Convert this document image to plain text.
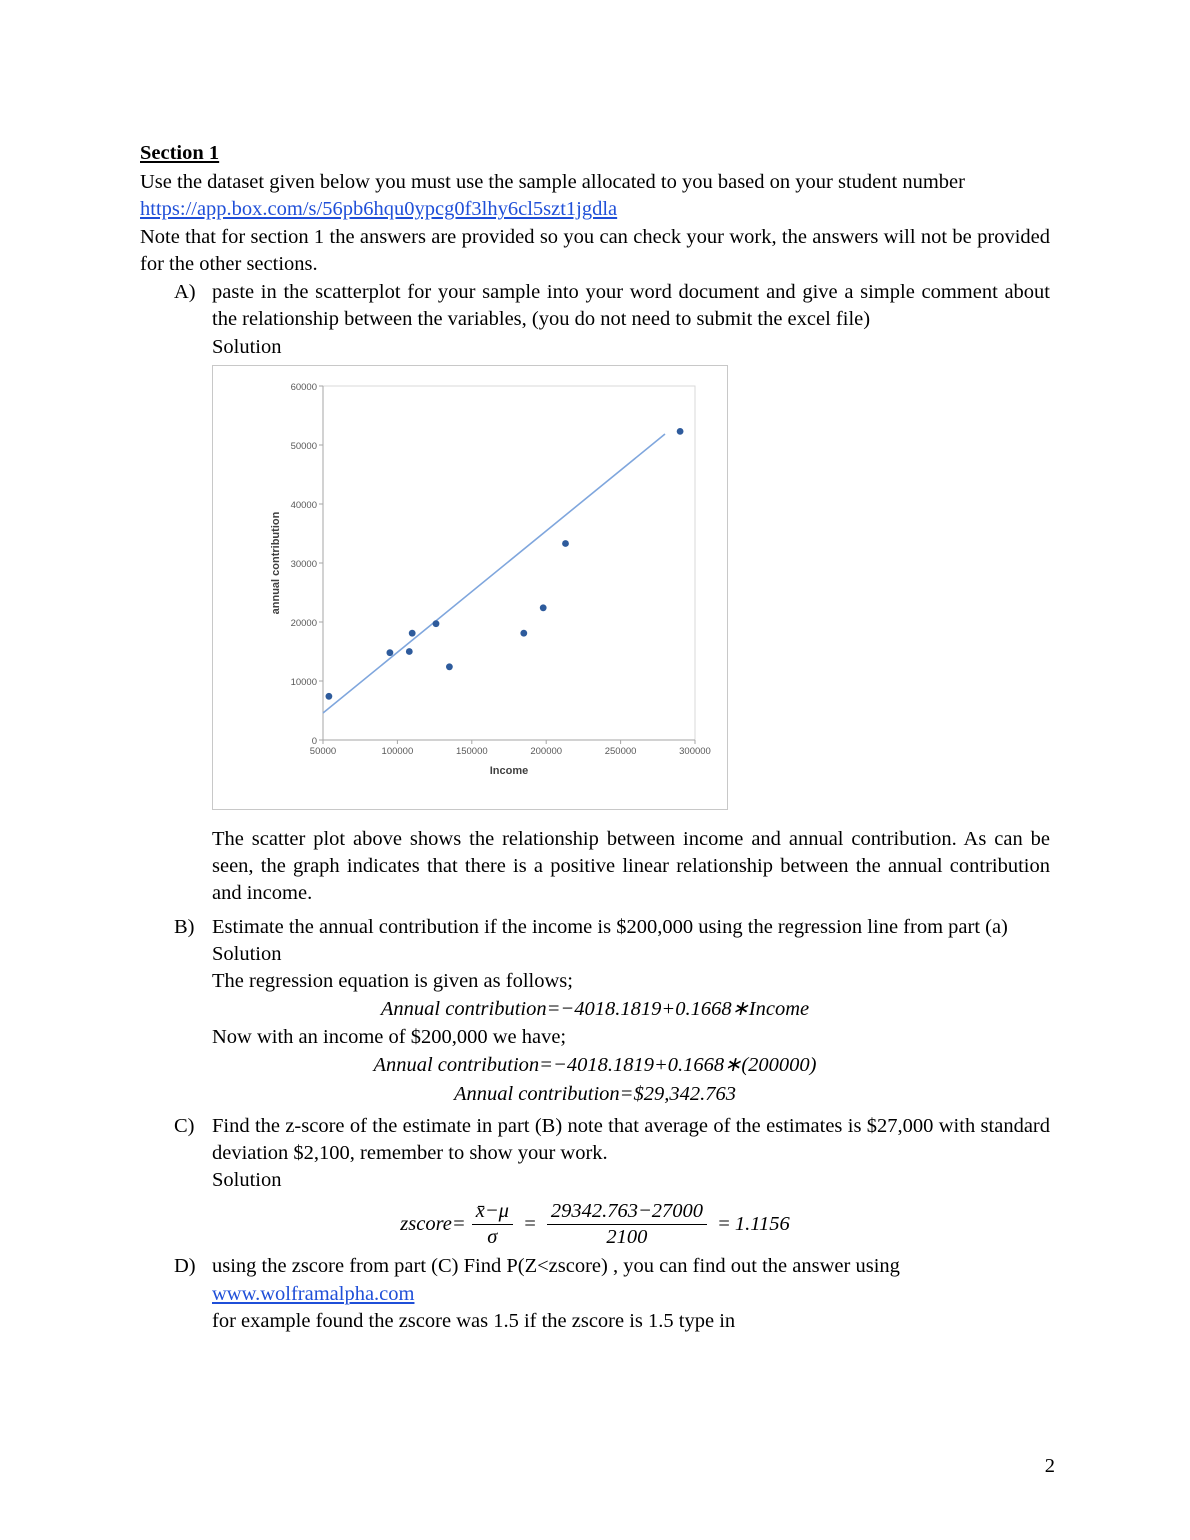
Section 1

Use the dataset given below you must use the sample allocated to you based on your student number

https://app.box.com/s/56pb6hqu0ypcg0f3lhy6cl5szt1jgdla

Note that for section 1 the answers are provided so you can check your work, the answers will not be provided for the other sections.

A) paste in the scatterplot for your sample into your word document and give a simple comment about the relationship between the variables, (you do not need to submit the excel file)
Solution
60000
50000
40000
30000
20000
10000
0
50000	100000	150000	200000	250000	300000
Income
annual contribution
The scatter plot above shows the relationship between income and annual contribution. As can be seen, the graph indicates that there is a positive linear relationship between the annual contribution and income.
B) Estimate the annual contribution if the income is $200,000 using the regression line from part (a)
Solution
The regression equation is given as follows;
Annual contribution=−4018.1819+0.1668∗Income
Now with an income of $200,000 we have;
Annual contribution=−4018.1819+0.1668∗(200000)
Annual contribution=$29,342.763
C) Find the z-score of the estimate in part (B) note that average of the estimates is $27,000 with standard deviation $2,100, remember to show your work.
Solution
zscore= $\frac{x̄-\mu}{\sigma} = \frac{29342.763-27000}{2100} = 1.1156$
D) using the zscore from part (C) Find P(Z<zscore) , you can find out the answer using
www.wolframalpha.com
for example found the zscore was 1.5 if the zscore is 1.5 type in
2
